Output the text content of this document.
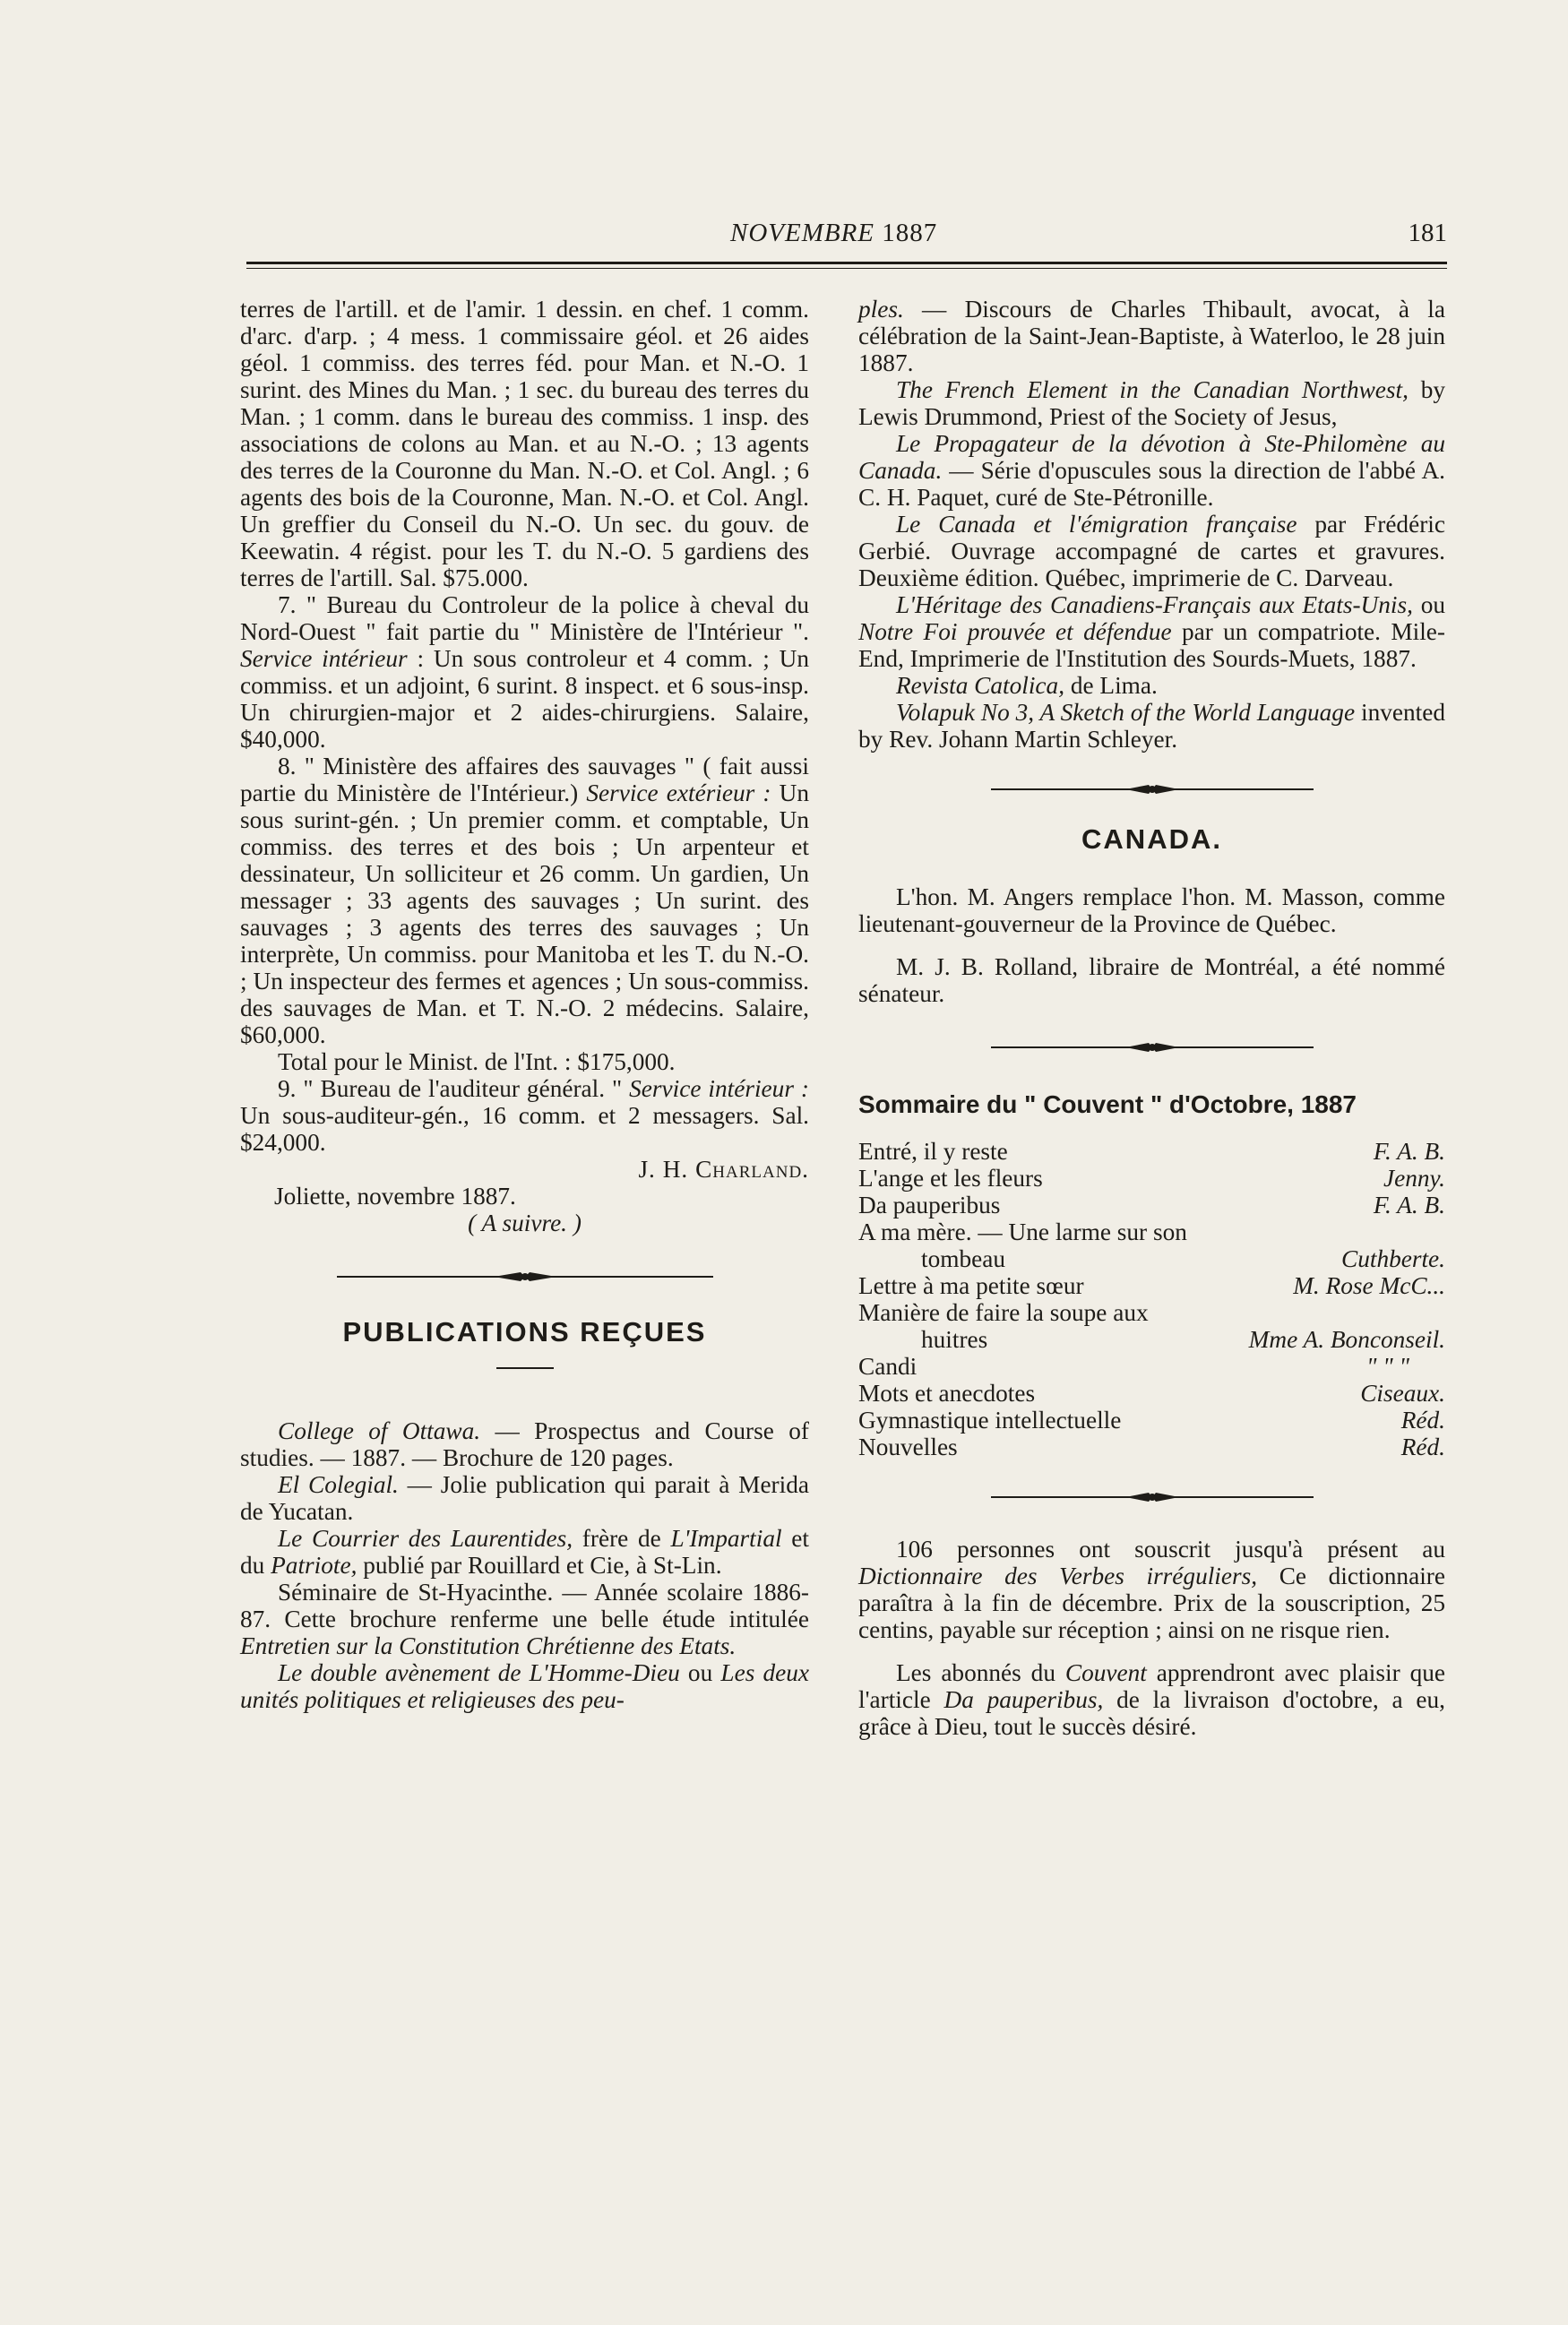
NOVEMBRE 1887	181

terres de l'artill. et de l'amir. 1 dessin. en chef. 1 comm. d'arc. d'arp. ; 4 mess. 1 commissaire géol. et 26 aides géol. 1 commiss. des terres féd. pour Man. et N.-O. 1 surint. des Mines du Man. ; 1 sec. du bureau des terres du Man. ; 1 comm. dans le bureau des commiss. 1 insp. des associations de colons au Man. et au N.-O. ; 13 agents des terres de la Couronne du Man. N.-O. et Col. Angl. ; 6 agents des bois de la Couronne, Man. N.-O. et Col. Angl. Un greffier du Conseil du N.-O. Un sec. du gouv. de Keewatin. 4 régist. pour les T. du N.-O. 5 gardiens des terres de l'artill. Sal. $75.000.

7. " Bureau du Controleur de la police à cheval du Nord-Ouest " fait partie du " Ministère de l'Intérieur ". Service intérieur : Un sous controleur et 4 comm. ; Un commiss. et un adjoint, 6 surint. 8 inspect. et 6 sous-insp. Un chirurgien-major et 2 aides-chirurgiens. Salaire, $40,000.

8. " Ministère des affaires des sauvages " ( fait aussi partie du Ministère de l'Intérieur.) Service extérieur : Un sous surint-gén. ; Un premier comm. et comptable, Un commiss. des terres et des bois ; Un arpenteur et dessinateur, Un solliciteur et 26 comm. Un gardien, Un messager ; 33 agents des sauvages ; Un surint. des sauvages ; 3 agents des terres des sauvages ; Un interprète, Un commiss. pour Manitoba et les T. du N.-O. ; Un inspecteur des fermes et agences ; Un sous-commiss. des sauvages de Man. et T. N.-O. 2 médecins. Salaire, $60,000.

Total pour le Minist. de l'Int. : $175,000.

9. " Bureau de l'auditeur général. " Service intérieur : Un sous-auditeur-gén., 16 comm. et 2 messagers. Sal. $24,000.

J. H. Charland.

Joliette, novembre 1887.

( A suivre. )

PUBLICATIONS REÇUES

College of Ottawa. — Prospectus and Course of studies. — 1887. — Brochure de 120 pages.

El Colegial. — Jolie publication qui parait à Merida de Yucatan.

Le Courrier des Laurentides, frère de L'Impartial et du Patriote, publié par Rouillard et Cie, à St-Lin.

Séminaire de St-Hyacinthe. — Année scolaire 1886-87. Cette brochure renferme une belle étude intitulée Entretien sur la Constitution Chrétienne des Etats.

Le double avènement de L'Homme-Dieu ou Les deux unités politiques et religieuses des peu-

ples. — Discours de Charles Thibault, avocat, à la célébration de la Saint-Jean-Baptiste, à Waterloo, le 28 juin 1887.

The French Element in the Canadian Northwest, by Lewis Drummond, Priest of the Society of Jesus,

Le Propagateur de la dévotion à Ste-Philomène au Canada. — Série d'opuscules sous la direction de l'abbé A. C. H. Paquet, curé de Ste-Pétronille.

Le Canada et l'émigration française par Frédéric Gerbié. Ouvrage accompagné de cartes et gravures. Deuxième édition. Québec, imprimerie de C. Darveau.

L'Héritage des Canadiens-Français aux Etats-Unis, ou Notre Foi prouvée et défendue par un compatriote. Mile-End, Imprimerie de l'Institution des Sourds-Muets, 1887.

Revista Catolica, de Lima.

Volapuk No 3, A Sketch of the World Language invented by Rev. Johann Martin Schleyer.

CANADA.

L'hon. M. Angers remplace l'hon. M. Masson, comme lieutenant-gouverneur de la Province de Québec.

M. J. B. Rolland, libraire de Montréal, a été nommé sénateur.

Sommaire du " Couvent " d'Octobre, 1887
Entré, il y reste	F. A. B.
L'ange et les fleurs	Jenny.
Da pauperibus	F. A. B.
A ma mère. — Une larme sur son
tombeau	Cuthberte.
Lettre à ma petite sœur	M. Rose McC...
Manière de faire la soupe aux
huitres	Mme A. Bonconseil.
Candi	" " "
Mots et anecdotes	Ciseaux.
Gymnastique intellectuelle	Réd.
Nouvelles	Réd.

106 personnes ont souscrit jusqu'à présent au Dictionnaire des Verbes irréguliers, Ce dictionnaire paraîtra à la fin de décembre. Prix de la souscription, 25 centins, payable sur réception ; ainsi on ne risque rien.

Les abonnés du Couvent apprendront avec plaisir que l'article Da pauperibus, de la livraison d'octobre, a eu, grâce à Dieu, tout le succès désiré.
